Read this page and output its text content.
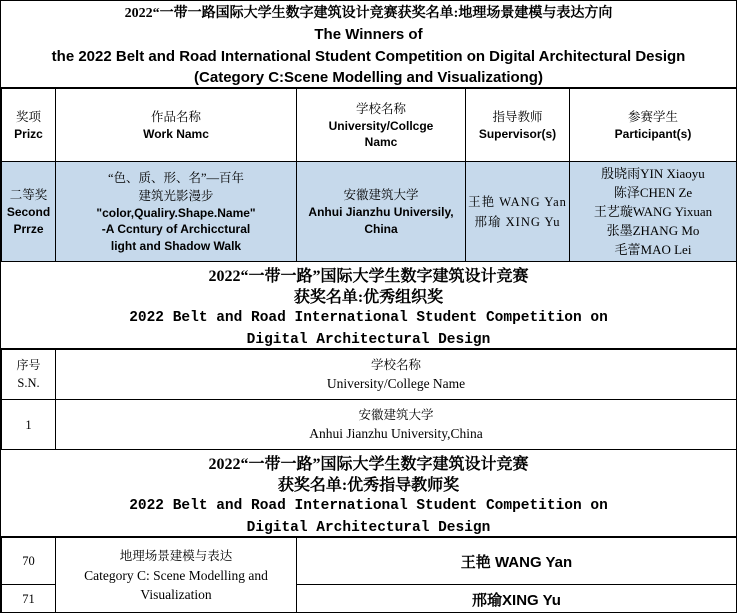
2022“一带一路国际大学生数字建筑设计竞赛获奖名单:地理场景建模与表达方向
The Winners of
the 2022 Belt and Road International Student Competition on Digital Architectural Design
(Category C:Scene Modelling and Visualizationg)
奖项
Prizc

作品名称
Work Namc

学校名称
University/Collcge
Namc

指导教师
Supervisor(s)

参赛学生
Participant(s)

二等奖
Second
Prrze

“色、质、形、名”—百年
建筑光影漫步
"color,Qualiry.Shape.Name"
-A Ccntury of Archicctural
light and Shadow Walk

安徽建筑大学
Anhui Jianzhu Universily,
China

王艳 WANG Yan
邢瑜 XING Yu

殷晓雨YIN Xiaoyu
陈泽CHEN Ze
王艺璇WANG Yixuan
张墨ZHANG Mo
毛蕾MAO Lei
2022“一带一路”国际大学生数字建筑设计竞赛
获奖名单:优秀组织奖
2022 Belt and Road International Student Competition on
Digital Architectural Design
序号
S.N.

学校名称
University/College Name

1	安徽建筑大学
Anhui Jianzhu University,China
2022“一带一路”国际大学生数字建筑设计竞赛
获奖名单:优秀指导教师奖
2022 Belt and Road International Student Competition on
Digital Architectural Design
70	地理场景建模与表达
Category C: Scene Modelling and
Visualization	王艳 WANG Yan

71		邢瑜XING Yu
